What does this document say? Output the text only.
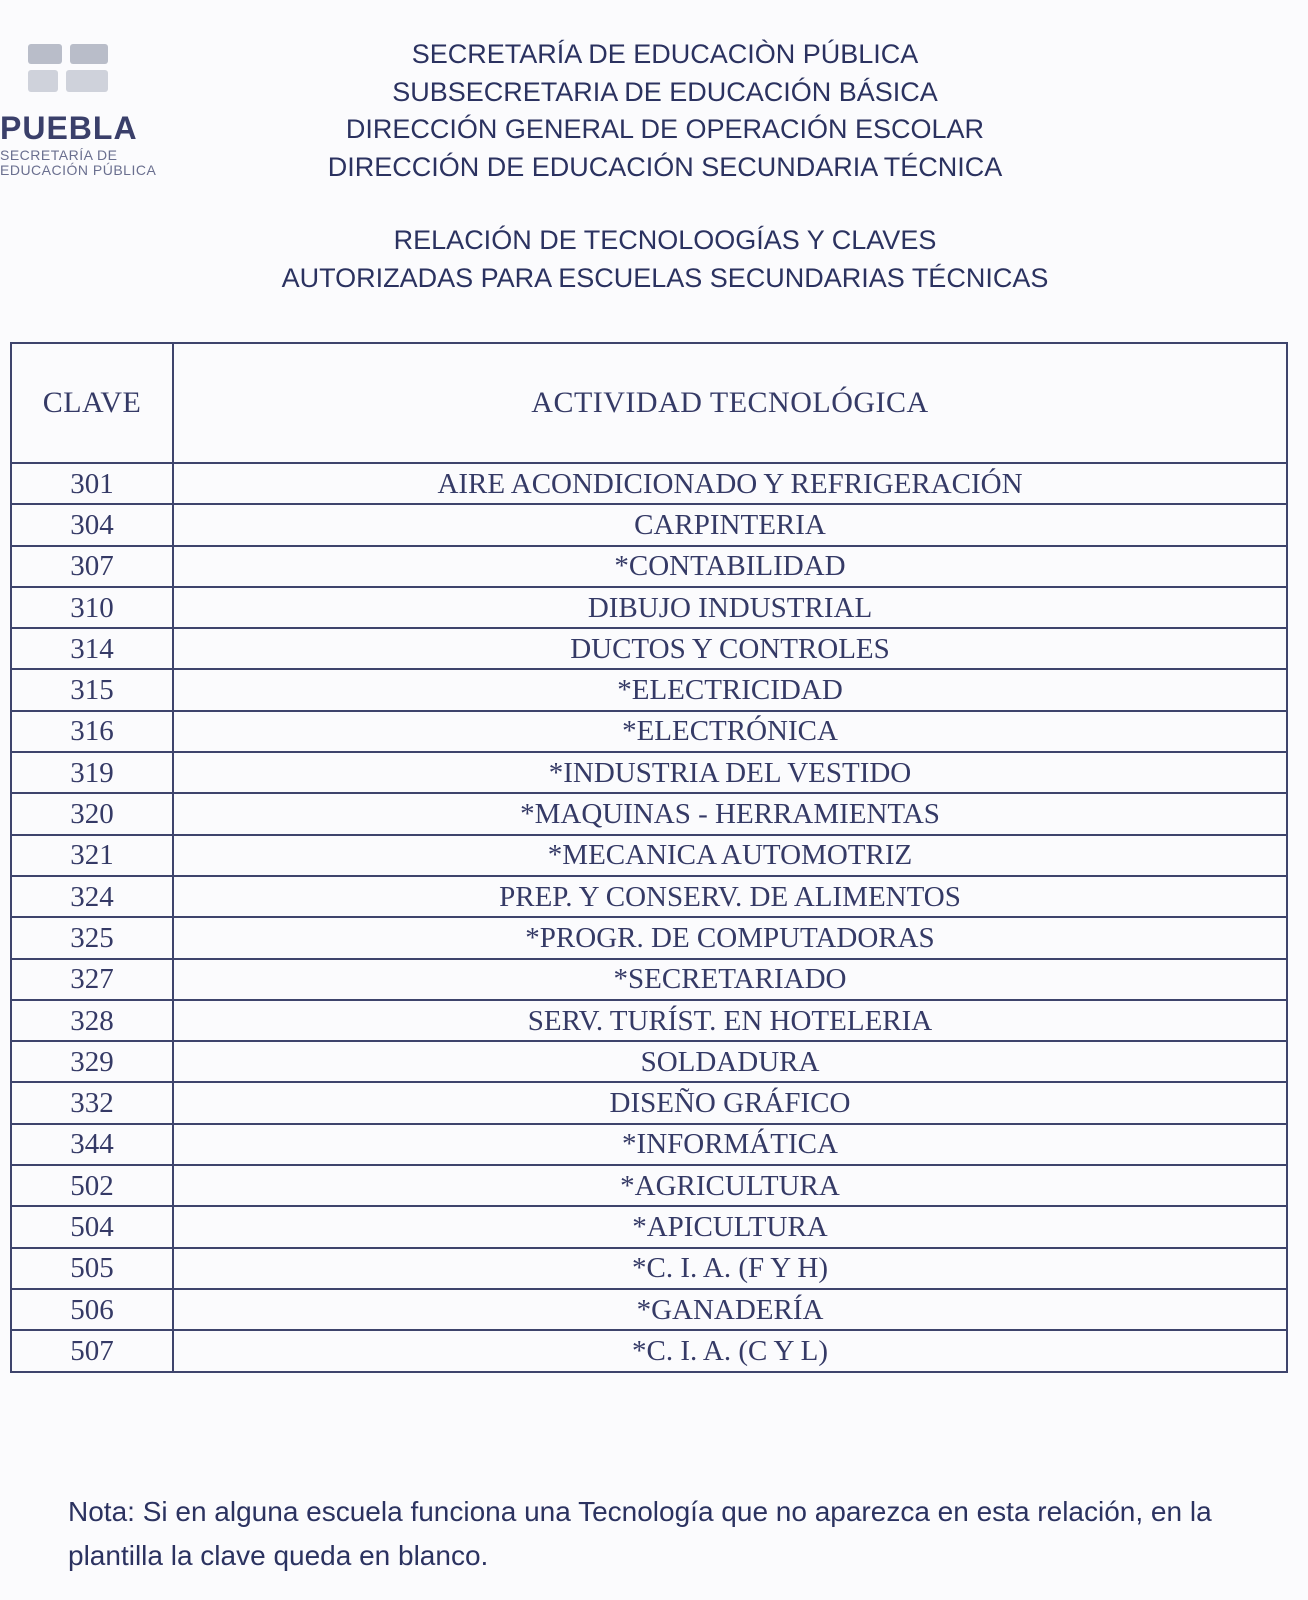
PUEBLA
SECRETARÍA DE EDUCACIÓN PÚBLICA
SECRETARÍA DE EDUCACIÒN PÚBLICA
SUBSECRETARIA DE EDUCACIÓN BÁSICA
DIRECCIÓN GENERAL DE OPERACIÓN ESCOLAR
DIRECCIÓN DE EDUCACIÓN SECUNDARIA TÉCNICA
RELACIÓN DE TECNOLOOGÍAS Y CLAVES
AUTORIZADAS PARA ESCUELAS SECUNDARIAS TÉCNICAS
CLAVE	ACTIVIDAD TECNOLÓGICA
301	AIRE ACONDICIONADO Y REFRIGERACIÓN
304	CARPINTERIA
307	*CONTABILIDAD
310	DIBUJO INDUSTRIAL
314	DUCTOS Y CONTROLES
315	*ELECTRICIDAD
316	*ELECTRÓNICA
319	*INDUSTRIA DEL VESTIDO
320	*MAQUINAS - HERRAMIENTAS
321	*MECANICA AUTOMOTRIZ
324	PREP. Y CONSERV. DE ALIMENTOS
325	*PROGR. DE COMPUTADORAS
327	*SECRETARIADO
328	SERV. TURÍST. EN HOTELERIA
329	SOLDADURA
332	DISEÑO GRÁFICO
344	*INFORMÁTICA
502	*AGRICULTURA
504	*APICULTURA
505	*C. I. A. (F Y H)
506	*GANADERÍA
507	*C. I. A. (C Y L)
Nota: Si en alguna escuela funciona una Tecnología que no aparezca en esta relación, en la plantilla la clave queda en blanco.
